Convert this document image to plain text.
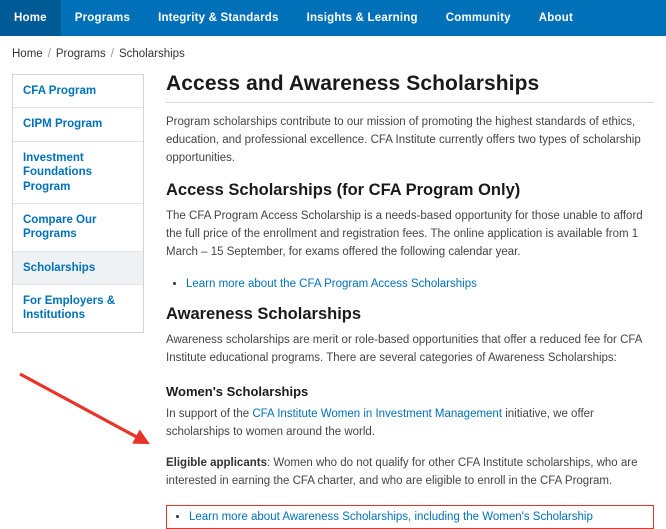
Home	Programs	Integrity & Standards	Insights & Learning	Community	About
Home / Programs / Scholarships
CFA Program
CIPM Program
Investment Foundations Program
Compare Our Programs
Scholarships
For Employers & Institutions
Access and Awareness Scholarships

Program scholarships contribute to our mission of promoting the highest standards of ethics, education, and professional excellence. CFA Institute currently offers two types of scholarship opportunities.

Access Scholarships (for CFA Program Only)

The CFA Program Access Scholarship is a needs-based opportunity for those unable to afford the full price of the enrollment and registration fees. The online application is available from 1 March – 15 September, for exams offered the following calendar year.

• Learn more about the CFA Program Access Scholarships
Awareness Scholarships

Awareness scholarships are merit or role-based opportunities that offer a reduced fee for CFA Institute educational programs. There are several categories of Awareness Scholarships:

Women's Scholarships

In support of the CFA Institute Women in Investment Management initiative, we offer scholarships to women around the world.

Eligible applicants: Women who do not qualify for other CFA Institute scholarships, who are interested in earning the CFA charter, and who are eligible to enroll in the CFA Program.

• Learn more about Awareness Scholarships, including the Women's Scholarship
